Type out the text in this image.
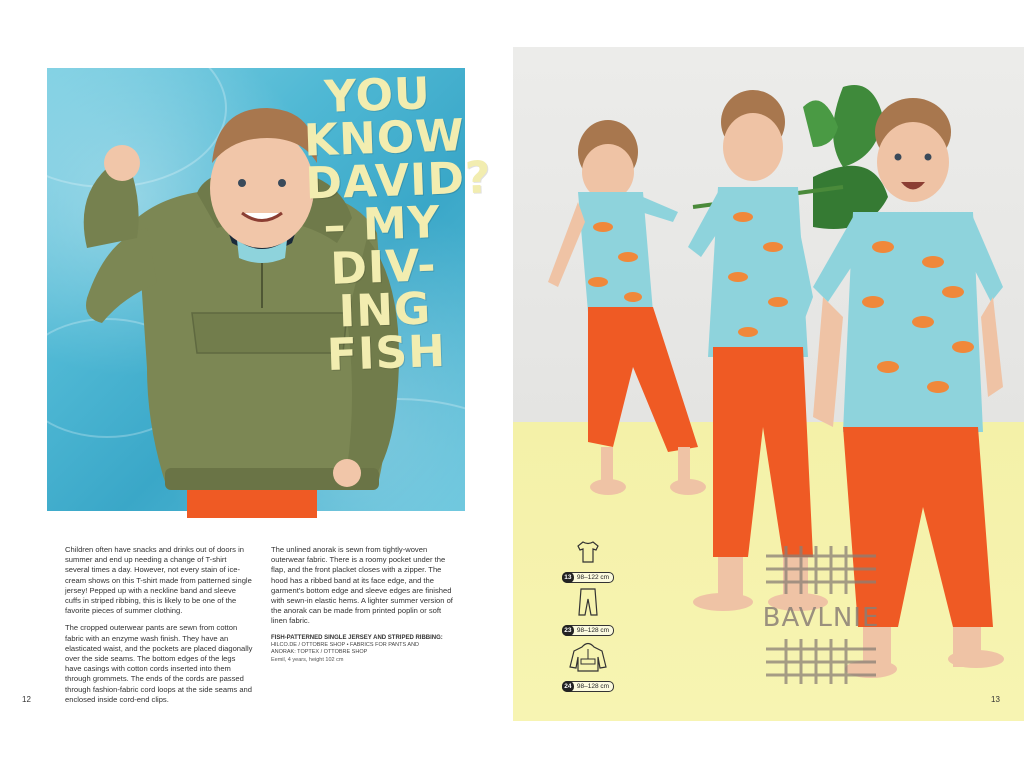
YOU KNOW
DAVID?
– MY
DIV-
ING
FISH

Children often have snacks and drinks out of doors in summer and end up needing a change of T-shirt several times a day. However, not every stain of ice-cream shows on this T-shirt made from patterned single jersey! Pepped up with a neckline band and sleeve cuffs in striped ribbing, this is likely to be one of the favorite pieces of summer clothing.

The cropped outerwear pants are sewn from cotton fabric with an enzyme wash finish. They have an elasticated waist, and the pockets are placed diagonally over the side seams. The bottom edges of the legs have casings with cotton cords inserted into them through grommets. The ends of the cords are passed through fashion-fabric cord loops at the side seams and enclosed inside cord-end clips.

The unlined anorak is sewn from tightly-woven outerwear fabric. There is a roomy pocket under the flap, and the front placket closes with a zipper. The hood has a ribbed band at its face edge, and the garment's bottom edge and sleeve edges are finished with sewn-in elastic hems. A lighter summer version of the anorak can be made from printed poplin or soft linen fabric.

FISH-PATTERNED SINGLE JERSEY AND STRIPED RIBBING:
HILCO.DE / OTTOBRE SHOP • FABRICS FOR PANTS AND
ANORAK: TOPTEX / OTTOBRE SHOP
Eemil, 4 years, height 102 cm
12
13 98–122 cm
23 98–128 cm
24 98–128 cm
BAVLNIE
13
